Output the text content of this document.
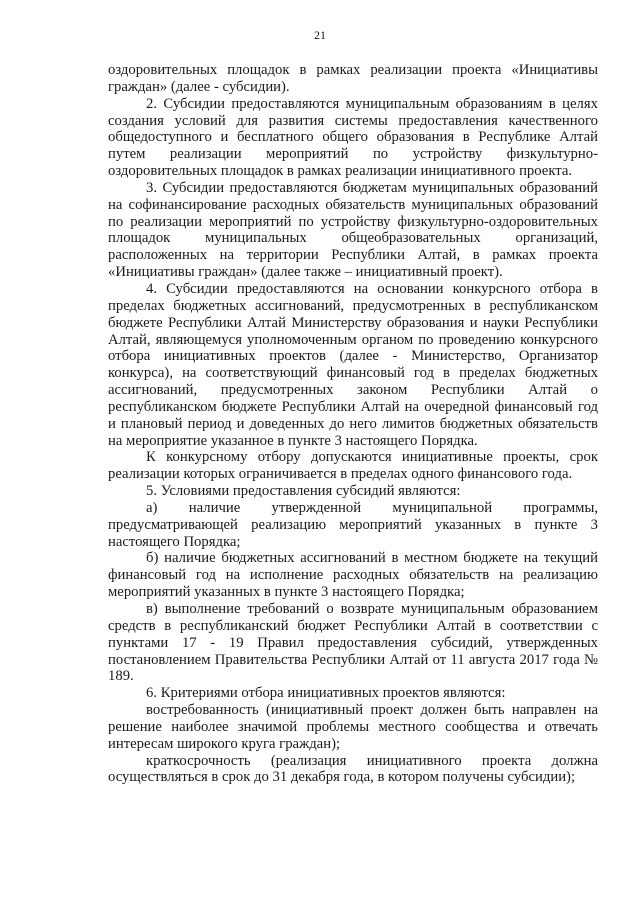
21

оздоровительных площадок в рамках реализации проекта «Инициативы граждан» (далее - субсидии).

2. Субсидии предоставляются муниципальным образованиям в целях создания условий для развития системы предоставления качественного общедоступного и бесплатного общего образования в Республике Алтай путем реализации мероприятий по устройству физкультурно-оздоровительных площадок в рамках реализации инициативного проекта.

3. Субсидии предоставляются бюджетам муниципальных образований на софинансирование расходных обязательств муниципальных образований по реализации мероприятий по устройству физкультурно-оздоровительных площадок муниципальных общеобразовательных организаций, расположенных на территории Республики Алтай, в рамках проекта «Инициативы граждан» (далее также – инициативный проект).

4. Субсидии предоставляются на основании конкурсного отбора в пределах бюджетных ассигнований, предусмотренных в республиканском бюджете Республики Алтай Министерству образования и науки Республики Алтай, являющемуся уполномоченным органом по проведению конкурсного отбора инициативных проектов (далее - Министерство, Организатор конкурса), на соответствующий финансовый год в пределах бюджетных ассигнований, предусмотренных законом Республики Алтай о республиканском бюджете Республики Алтай на очередной финансовый год и плановый период и доведенных до него лимитов бюджетных обязательств на мероприятие указанное в пункте 3 настоящего Порядка.

К конкурсному отбору допускаются инициативные проекты, срок реализации которых ограничивается в пределах одного финансового года.

5. Условиями предоставления субсидий являются:

а) наличие утвержденной муниципальной программы, предусматривающей реализацию мероприятий указанных в пункте 3 настоящего Порядка;

б) наличие бюджетных ассигнований в местном бюджете на текущий финансовый год на исполнение расходных обязательств на реализацию мероприятий указанных в пункте 3 настоящего Порядка;

в) выполнение требований о возврате муниципальным образованием средств в республиканский бюджет Республики Алтай в соответствии с пунктами 17 - 19 Правил предоставления субсидий, утвержденных постановлением Правительства Республики Алтай от 11 августа 2017 года № 189.

6. Критериями отбора инициативных проектов являются:

востребованность (инициативный проект должен быть направлен на решение наиболее значимой проблемы местного сообщества и отвечать интересам широкого круга граждан);

краткосрочность (реализация инициативного проекта должна осуществляться в срок до 31 декабря года, в котором получены субсидии);
